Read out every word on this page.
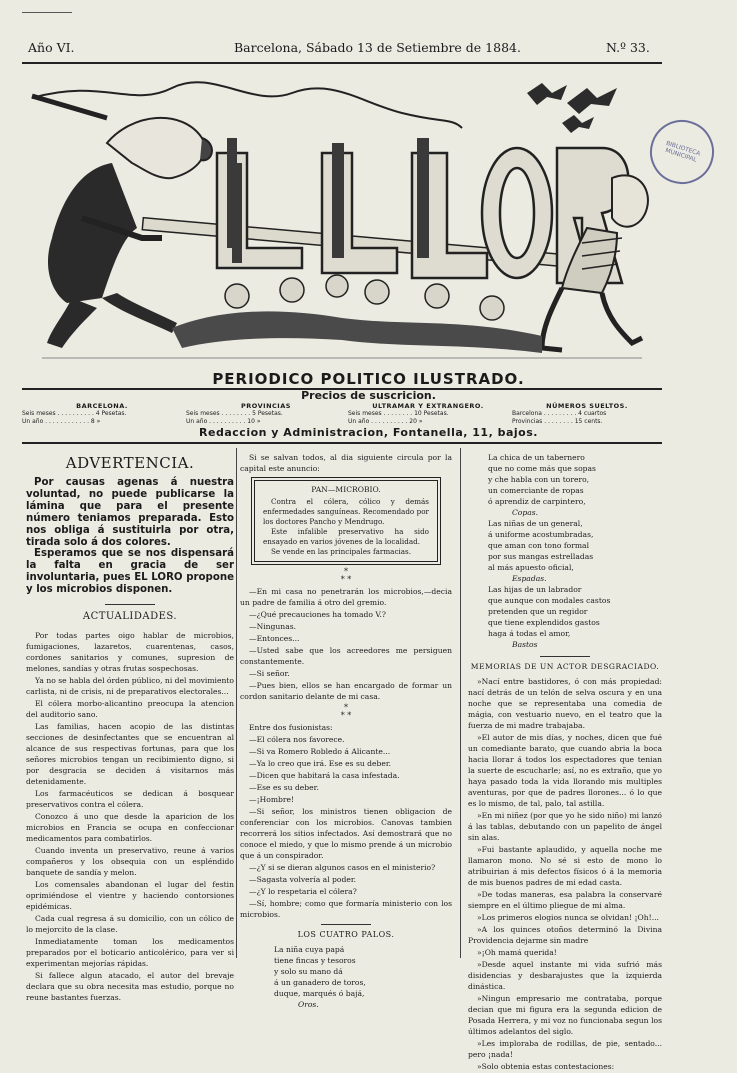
Año VI.	Barcelona, Sábado 13 de Setiembre de 1884.	N.º 33.
BIBLIOTECA MUNICIPAL
PERIODICO POLITICO ILUSTRADO.
Precios de suscricion.
BARCELONA.
Seis meses . . . . . . . . . . 4 Pesetas.
Un año . . . . . . . . . . . . 8 »
PROVINCIAS
Seis meses . . . . . . . . 5 Pesetas.
Un año . . . . . . . . . . 10 »
ULTRAMAR Y EXTRANGERO.
Seis meses . . . . . . . . 10 Pesetas.
Un año . . . . . . . . . . 20 »
NÚMEROS SUELTOS.
Barcelona . . . . . . . . . 4 cuartos
Provincias . . . . . . . . 15 cents.
Redaccion y Administracion, Fontanella, 11, bajos.
ADVERTENCIA.

Por causas agenas á nuestra voluntad, no puede publicarse la lámina que para el presente número teniamos preparada. Esto nos obliga á sustituirla por otra, tirada solo á dos colores.

Esperamos que se nos dispensará la falta en gracia de ser involuntaria, pues EL LORO propone y los microbios disponen.

ACTUALIDADES.

Por todas partes oigo hablar de microbios, fumigaciones, lazaretos, cuarentenas, casos, cordones sanitarios y comunes, supresion de melones, sandías y otras frutas sospechosas.

Ya no se habla del órden público, ni del movimiento carlista, ni de crisis, ni de preparativos electorales...

El cólera morbo-alicantino preocupa la atencion del auditorio sano.

Las familias, hacen acopio de las distintas secciones de desinfectantes que se encuentran al alcance de sus respectivas fortunas, para que los señores microbios tengan un recibimiento digno, si por desgracia se deciden á visitarnos más detenidamente.

Los farmacéuticos se dedican á bosquear preservativos contra el cólera.

Conozco á uno que desde la aparicion de los microbios en Francia se ocupa en confeccionar medicamentos para combatirlos.

Cuando inventa un preservativo, reune á varios compañeros y los obsequia con un espléndido banquete de sandía y melon.

Los comensales abandonan el lugar del festin oprimiéndose el vientre y haciendo contorsiones epidémicas.

Cada cual regresa á su domicilio, con un cólico de lo mejorcito de la clase.

Inmediatamente toman los medicamentos preparados por el boticario anticolérico, para ver si experimentan mejorías rápidas.

Si fallece algun atacado, el autor del brevaje declara que su obra necesita mas estudio, porque no reune bastantes fuerzas.

Si se salvan todos, al dia siguiente circula por la capital este anuncio:

PAN—MICROBIO.

Contra el cólera, cólico y demás enfermedades sanguíneas. Recomendado por los doctores Pancho y Mendrugo.

Este infalible preservativo ha sido ensayado en varios jóvenes de la localidad.

Se vende en las principales farmacias.

*
* *

—En mi casa no penetrarán los microbios,—decia un padre de familia á otro del gremio.

—¿Qué precauciones ha tomado V.?

—Ningunas.

—Entonces...

—Usted sabe que los acreedores me persiguen constantemente.

—Si señor.

—Pues bien, ellos se han encargado de formar un cordon sanitario delante de mi casa.

*
* *

Entre dos fusionistas:

—El cólera nos favorece.

—Si va Romero Robledo á Alicante...

—Ya lo creo que irá. Ese es su deber.

—Dicen que habitará la casa infestada.

—Ese es su deber.

—¡Hombre!

—Si señor, los ministros tienen obligacion de conferenciar con los microbios. Canovas tambien recorrerá los sitios infectados. Así demostrará que no conoce el miedo, y que lo mismo prende á un microbio que á un conspirador.

—¿Y si se dieran algunos casos en el ministerio?

—Sagasta volvería al poder.

—¿Y lo respetaria el cólera?

—Sí, hombre; como que formaría ministerio con los microbios.

LOS CUATRO PALOS.
La niña cuya papá
tiene fincas y tesoros
y solo su mano dá
á un ganadero de toros,
duque, marqués ó bajá,
Oros.
La chica de un tabernero
que no come más que sopas
y che habla con un torero,
un comerciante de ropas
ó aprendiz de carpintero,
Copas.
Las niñas de un general,
á uniforme acostumbradas,
que aman con tono formal
por sus mangas estrelladas
al más apuesto oficial,
Espadas.
Las hijas de un labrador
que aunque con modales castos
pretenden que un regidor
que tiene explendidos gastos
haga á todas el amor,
Bastos
MEMORIAS DE UN ACTOR DESGRACIADO.

»Nací entre bastidores, ó con más propiedad: nací detrás de un telón de selva oscura y en una noche que se representaba una comedia de mágia, con vestuario nuevo, en el teatro que la fuerza de mi madre trabajaba.

»El autor de mis días, y noches, dicen que fué un comediante barato, que cuando abria la boca hacia llorar á todos los espectadores que tenian la suerte de escucharle; así, no es extraño, que yo haya pasado toda la vida llorando mis multiples aventuras, por que de padres llorones... ó lo que es lo mismo, de tal, palo, tal astilla.

»En mi niñez (por que yo he sido niño) mi lanzó á las tablas, debutando con un papelito de ángel sin alas.

»Fui bastante aplaudido, y aquella noche me llamaron mono. No sé si esto de mono lo atribuirian á mis defectos físicos ó á la memoria de mis buenos padres de mi edad casta.

»De todas maneras, esa palabra la conservaré siempre en el último pliegue de mi alma.

»Los primeros elogios nunca se olvidan! ¡Oh!...

»A los quinces otoños determinó la Divina Providencia dejarme sin madre

»¡Oh mamá querida!

»Desde aquel instante mi vida sufrió más disidencias y desbarajustes que la izquierda dinástica.

»Ningun empresario me contrataba, porque decian que mi figura era la segunda edicion de Posada Herrera, y mi voz no funcionaba segun los últimos adelantos del siglo.

»Les imploraba de rodillas, de pie, sentado... pero ¡nada!

»Solo obtenia estas contestaciones:
